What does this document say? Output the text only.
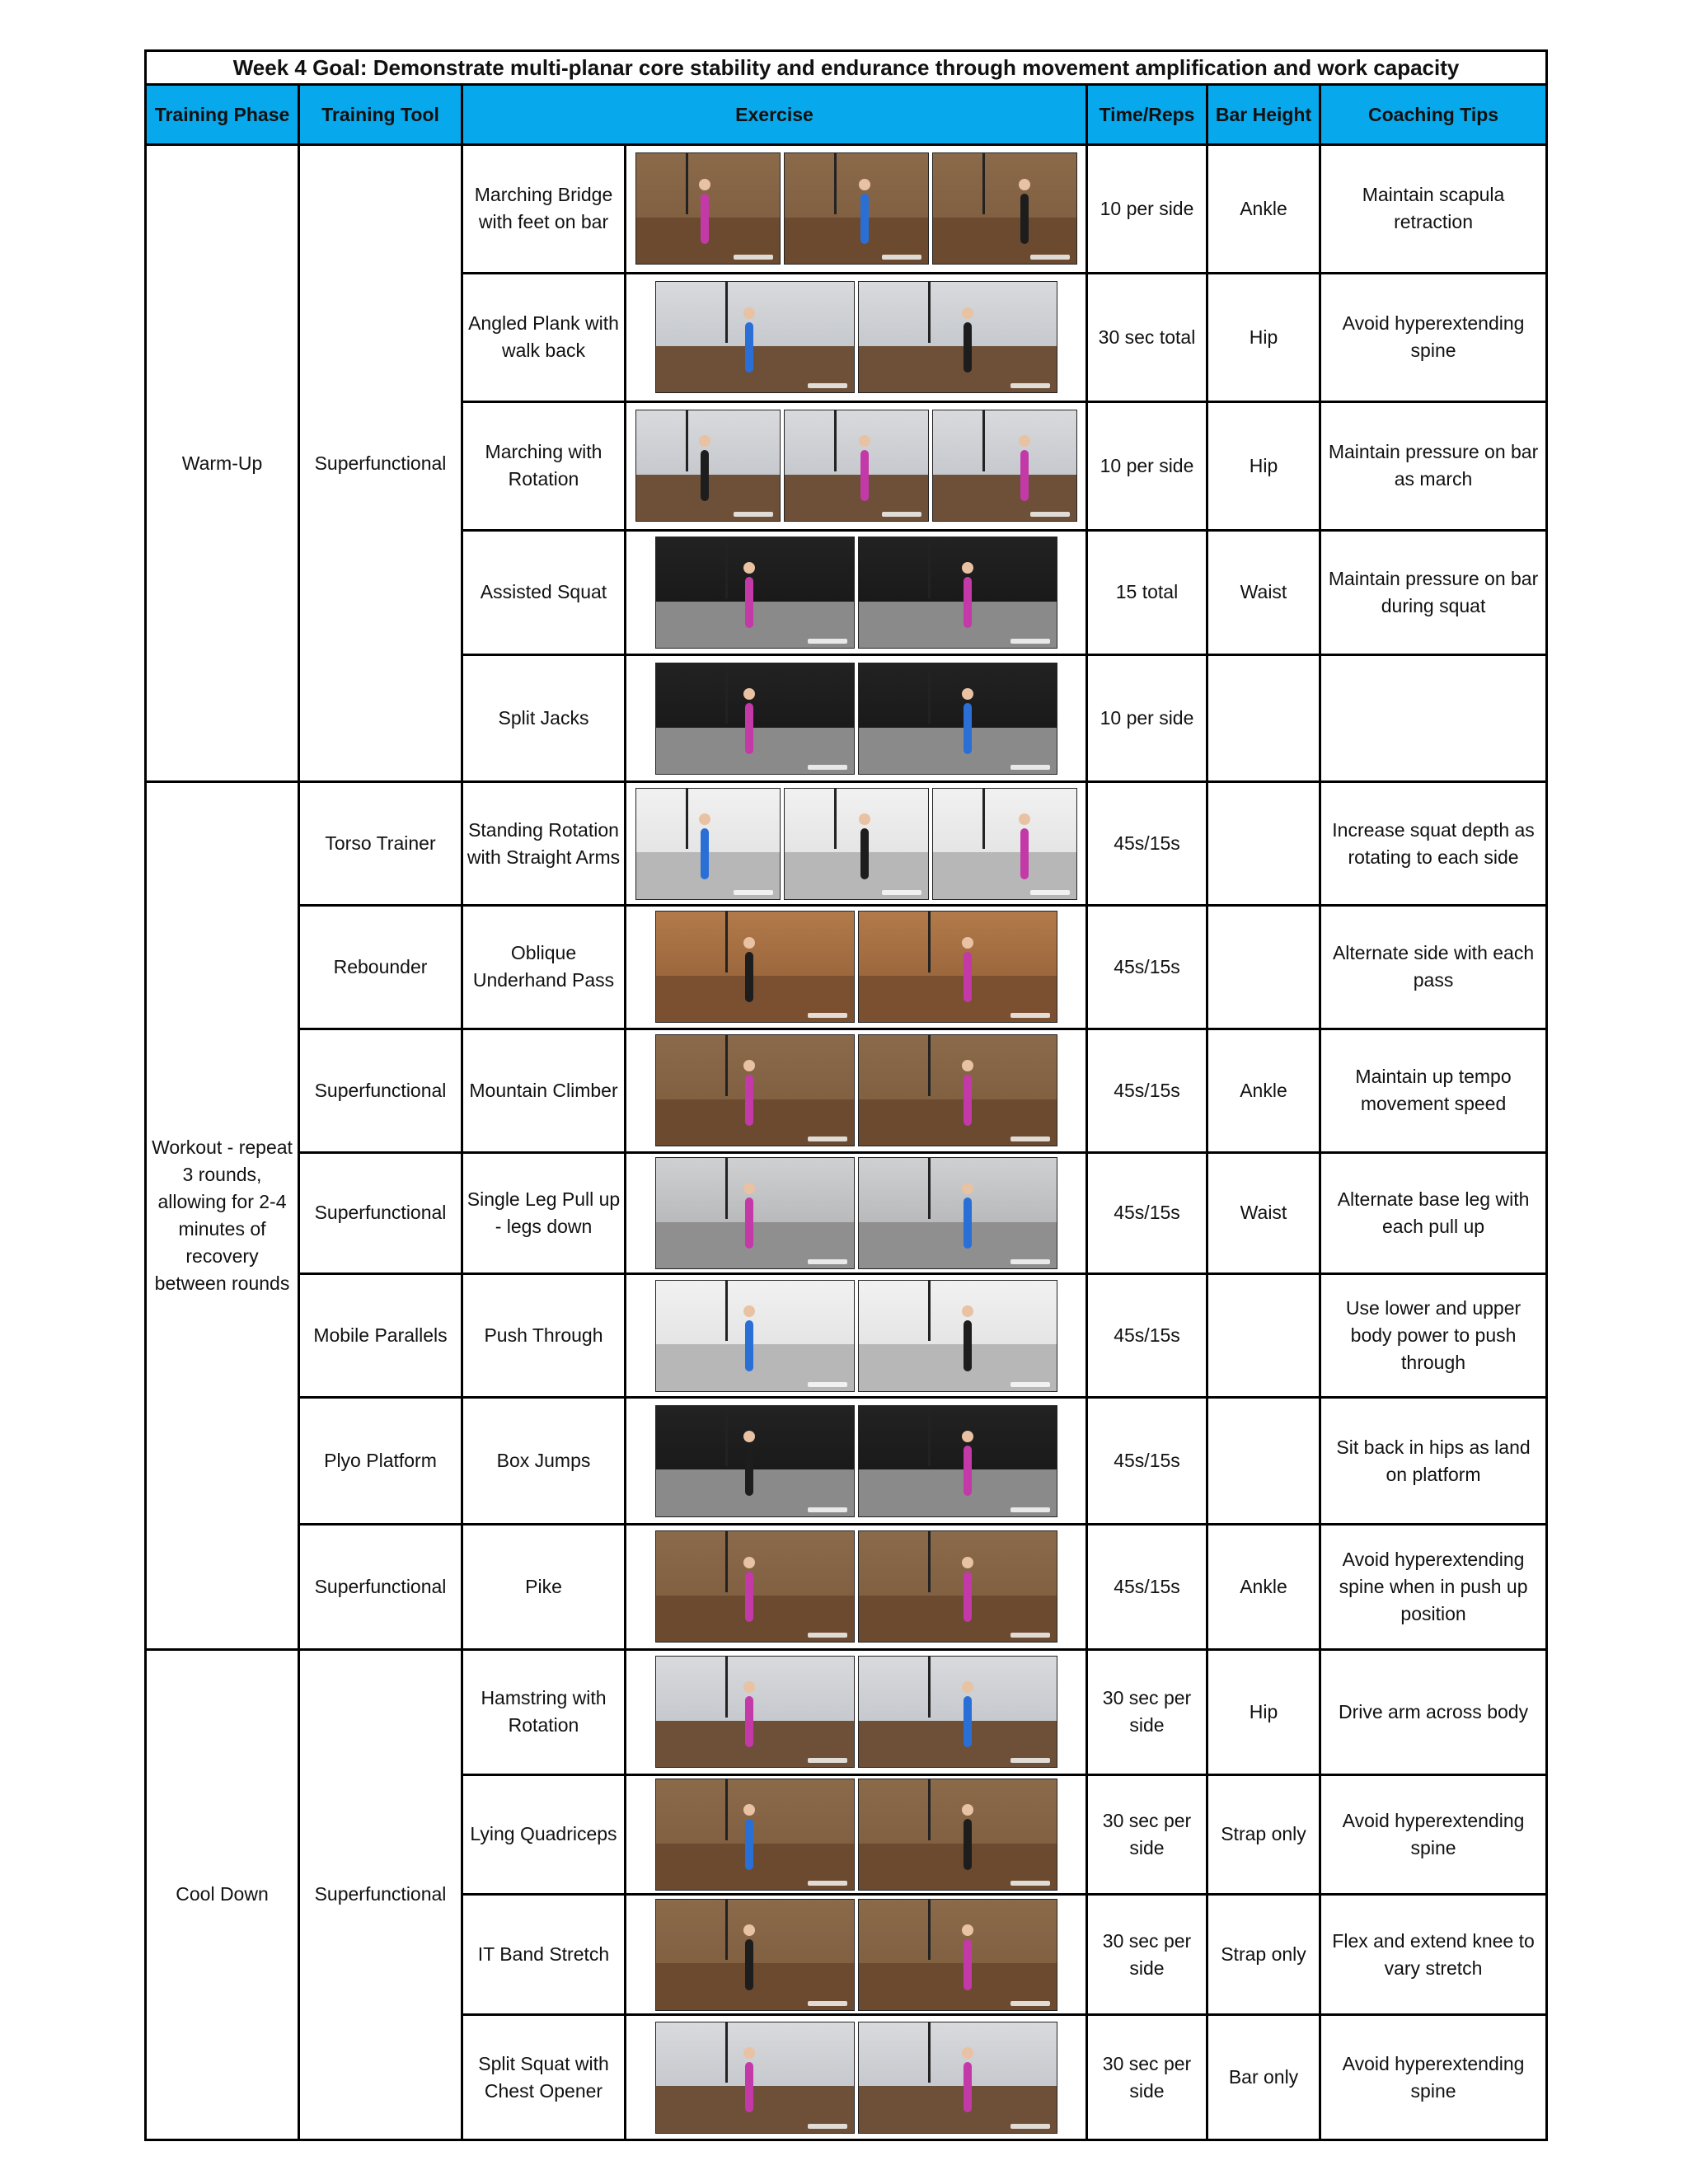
Week 4 Goal: Demonstrate multi-planar core stability and endurance through movement amplification and work capacity						
Training Phase	Training Tool	Exercise		Time/Reps	Bar Height	Coaching Tips
Warm-Up	Superfunctional	Marching Bridge with feet on bar		10 per side	Ankle	Maintain scapula retraction
		Angled Plank with walk back		30 sec total	Hip	Avoid hyperextending spine
		Marching with Rotation		10 per side	Hip	Maintain pressure on bar as march
		Assisted Squat		15 total	Waist	Maintain pressure on bar during squat
		Split Jacks		10 per side		
Workout - repeat 3 rounds, allowing for 2-4 minutes of recovery between rounds	Torso Trainer	Standing Rotation with Straight Arms		45s/15s		Increase squat depth as rotating to each side
	Rebounder	Oblique Underhand Pass		45s/15s		Alternate side with each pass
	Superfunctional	Mountain Climber		45s/15s	Ankle	Maintain up tempo movement speed
	Superfunctional	Single Leg Pull up - legs down		45s/15s	Waist	Alternate base leg with each pull up
	Mobile Parallels	Push Through		45s/15s		Use lower and upper body power to push through
	Plyo Platform	Box Jumps		45s/15s		Sit back in hips as land on platform
	Superfunctional	Pike		45s/15s	Ankle	Avoid hyperextending spine when in push up position
Cool Down	Superfunctional	Hamstring with Rotation		30 sec per side	Hip	Drive arm across body
		Lying Quadriceps		30 sec per side	Strap only	Avoid hyperextending spine
		IT Band Stretch		30 sec per side	Strap only	Flex and extend knee to vary stretch
		Split Squat with Chest Opener		30 sec per side	Bar only	Avoid hyperextending spine
